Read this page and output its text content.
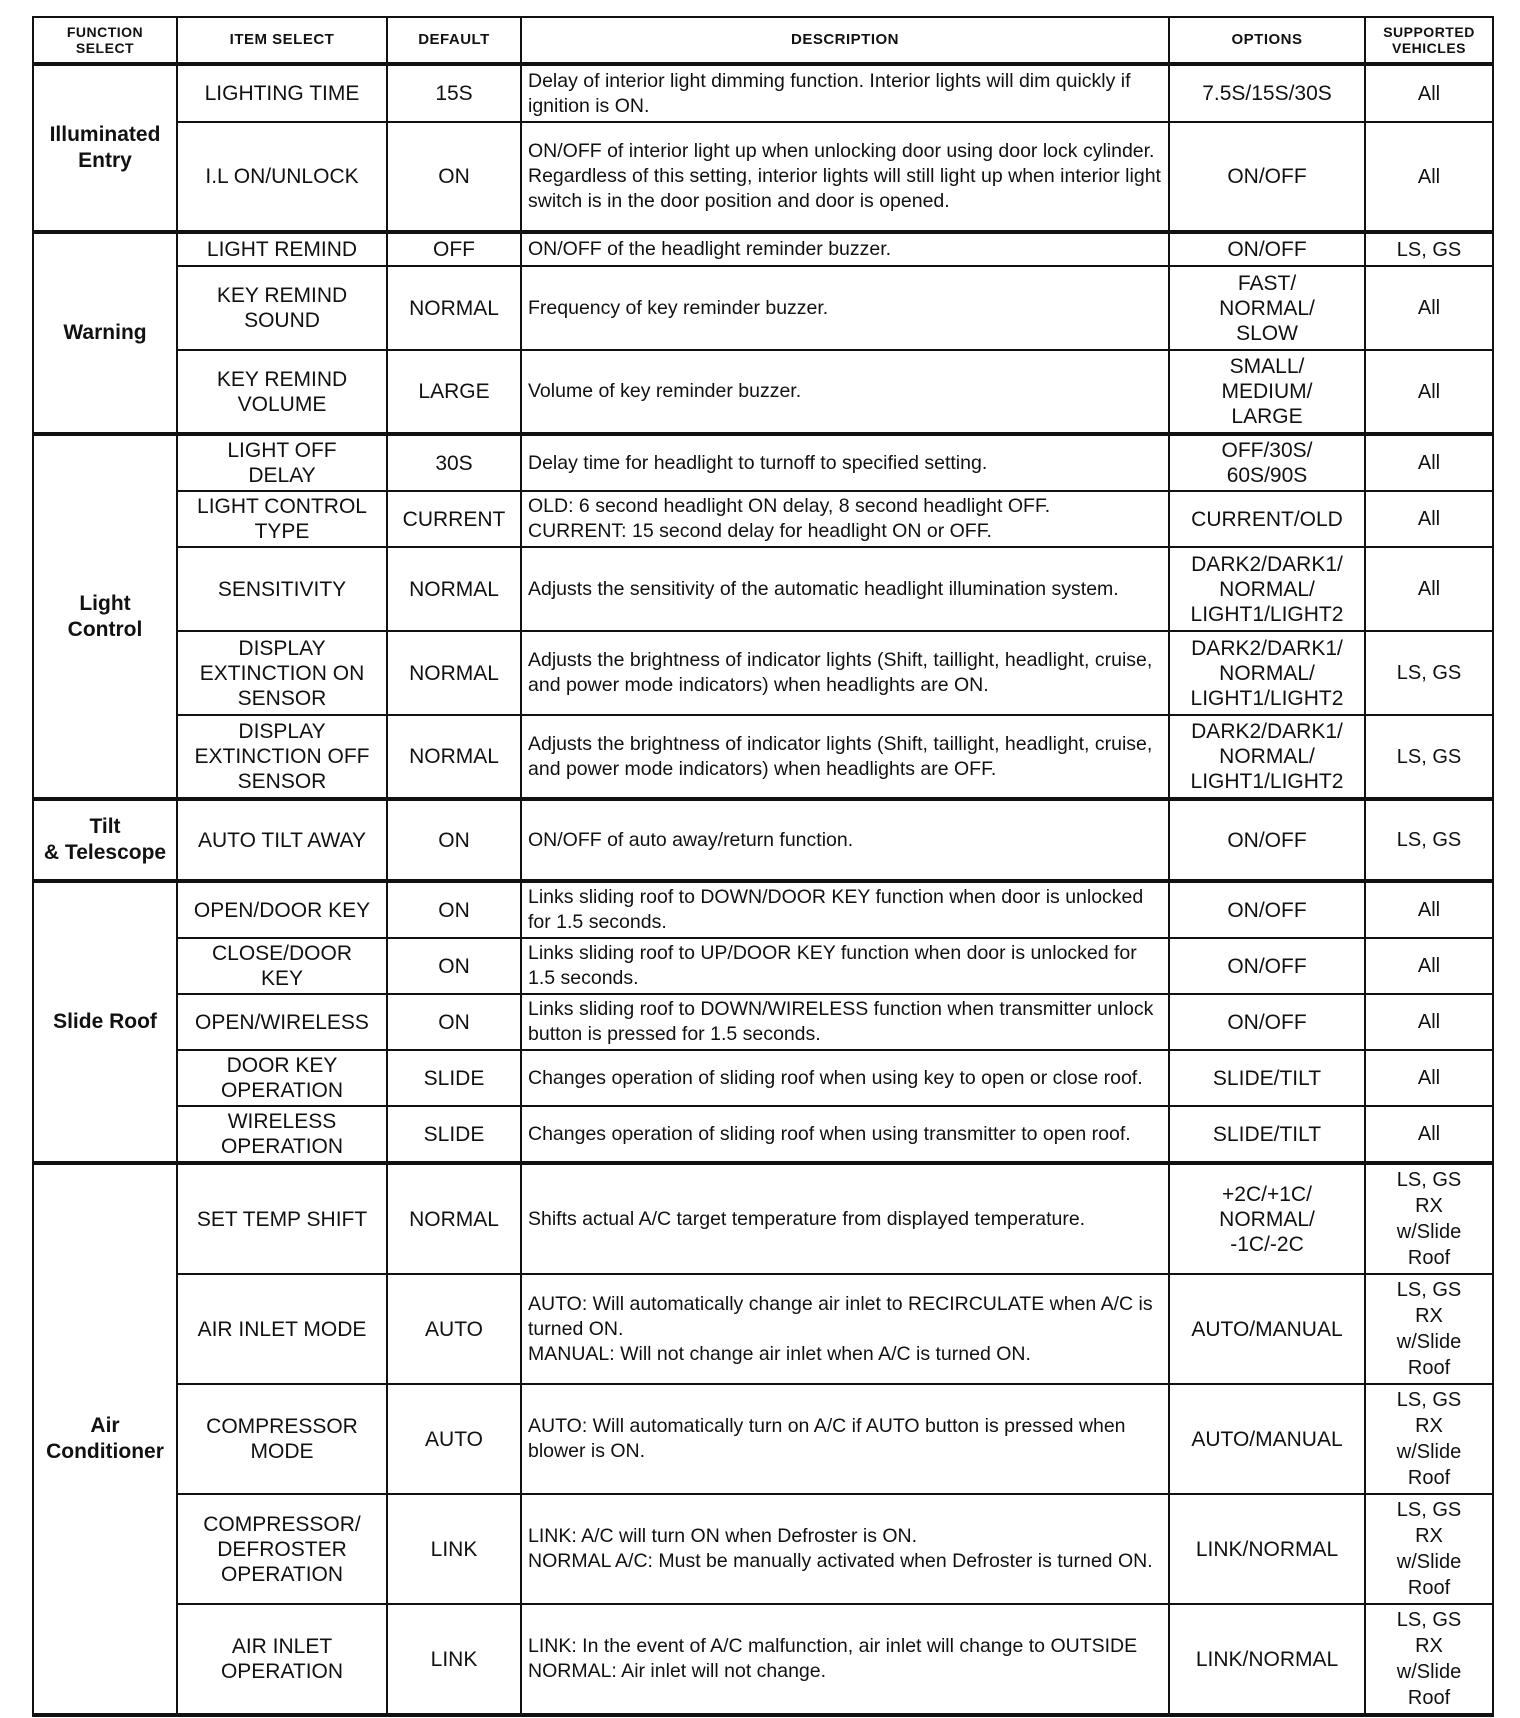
FUNCTION
SELECT	ITEM SELECT	DEFAULT	DESCRIPTION	OPTIONS	SUPPORTED
VEHICLES
Illuminated
Entry	LIGHTING TIME	15S	Delay of interior light dimming function. Interior lights will dim quickly if ignition is ON.	7.5S/15S/30S	All
	I.L ON/UNLOCK	ON	ON/OFF of interior light up when unlocking door using door lock cylinder. Regardless of this setting, interior lights will still light up when interior light switch is in the door position and door is opened.	ON/OFF	All
Warning	LIGHT REMIND	OFF	ON/OFF of the headlight reminder buzzer.	ON/OFF	LS, GS
	KEY REMIND
SOUND	NORMAL	Frequency of key reminder buzzer.	FAST/
NORMAL/
SLOW	All
	KEY REMIND
VOLUME	LARGE	Volume of key reminder buzzer.	SMALL/
MEDIUM/
LARGE	All
Light
Control	LIGHT OFF
DELAY	30S	Delay time for headlight to turnoff to specified setting.	OFF/30S/
60S/90S	All
	LIGHT CONTROL
TYPE	CURRENT	OLD: 6 second headlight ON delay, 8 second headlight OFF.
CURRENT: 15 second delay for headlight ON or OFF.	CURRENT/OLD	All
	SENSITIVITY	NORMAL	Adjusts the sensitivity of the automatic headlight illumination system.	DARK2/DARK1/
NORMAL/
LIGHT1/LIGHT2	All
	DISPLAY
EXTINCTION ON
SENSOR	NORMAL	Adjusts the brightness of indicator lights (Shift, taillight, headlight, cruise, and power mode indicators) when headlights are ON.	DARK2/DARK1/
NORMAL/
LIGHT1/LIGHT2	LS, GS
	DISPLAY
EXTINCTION OFF
SENSOR	NORMAL	Adjusts the brightness of indicator lights (Shift, taillight, headlight, cruise, and power mode indicators) when headlights are OFF.	DARK2/DARK1/
NORMAL/
LIGHT1/LIGHT2	LS, GS
Tilt
& Telescope	AUTO TILT AWAY	ON	ON/OFF of auto away/return function.	ON/OFF	LS, GS
Slide Roof	OPEN/DOOR KEY	ON	Links sliding roof to DOWN/DOOR KEY function when door is unlocked for 1.5 seconds.	ON/OFF	All
	CLOSE/DOOR
KEY	ON	Links sliding roof to UP/DOOR KEY function when door is unlocked for 1.5 seconds.	ON/OFF	All
	OPEN/WIRELESS	ON	Links sliding roof to DOWN/WIRELESS function when transmitter unlock button is pressed for 1.5 seconds.	ON/OFF	All
	DOOR KEY
OPERATION	SLIDE	Changes operation of sliding roof when using key to open or close roof.	SLIDE/TILT	All
	WIRELESS
OPERATION	SLIDE	Changes operation of sliding roof when using transmitter to open roof.	SLIDE/TILT	All
Air
Conditioner	SET TEMP SHIFT	NORMAL	Shifts actual A/C target temperature from displayed temperature.	+2C/+1C/
NORMAL/
-1C/-2C	LS, GS
RX
w/Slide
Roof
	AIR INLET MODE	AUTO	AUTO: Will automatically change air inlet to RECIRCULATE when A/C is turned ON.
MANUAL: Will not change air inlet when A/C is turned ON.	AUTO/MANUAL	LS, GS
RX
w/Slide
Roof
	COMPRESSOR
MODE	AUTO	AUTO: Will automatically turn on A/C if AUTO button is pressed when blower is ON.	AUTO/MANUAL	LS, GS
RX
w/Slide
Roof
	COMPRESSOR/
DEFROSTER
OPERATION	LINK	LINK: A/C will turn ON when Defroster is ON.
NORMAL A/C: Must be manually activated when Defroster is turned ON.	LINK/NORMAL	LS, GS
RX
w/Slide
Roof
	AIR INLET
OPERATION	LINK	LINK: In the event of A/C malfunction, air inlet will change to OUTSIDE NORMAL: Air inlet will not change.	LINK/NORMAL	LS, GS
RX
w/Slide
Roof
